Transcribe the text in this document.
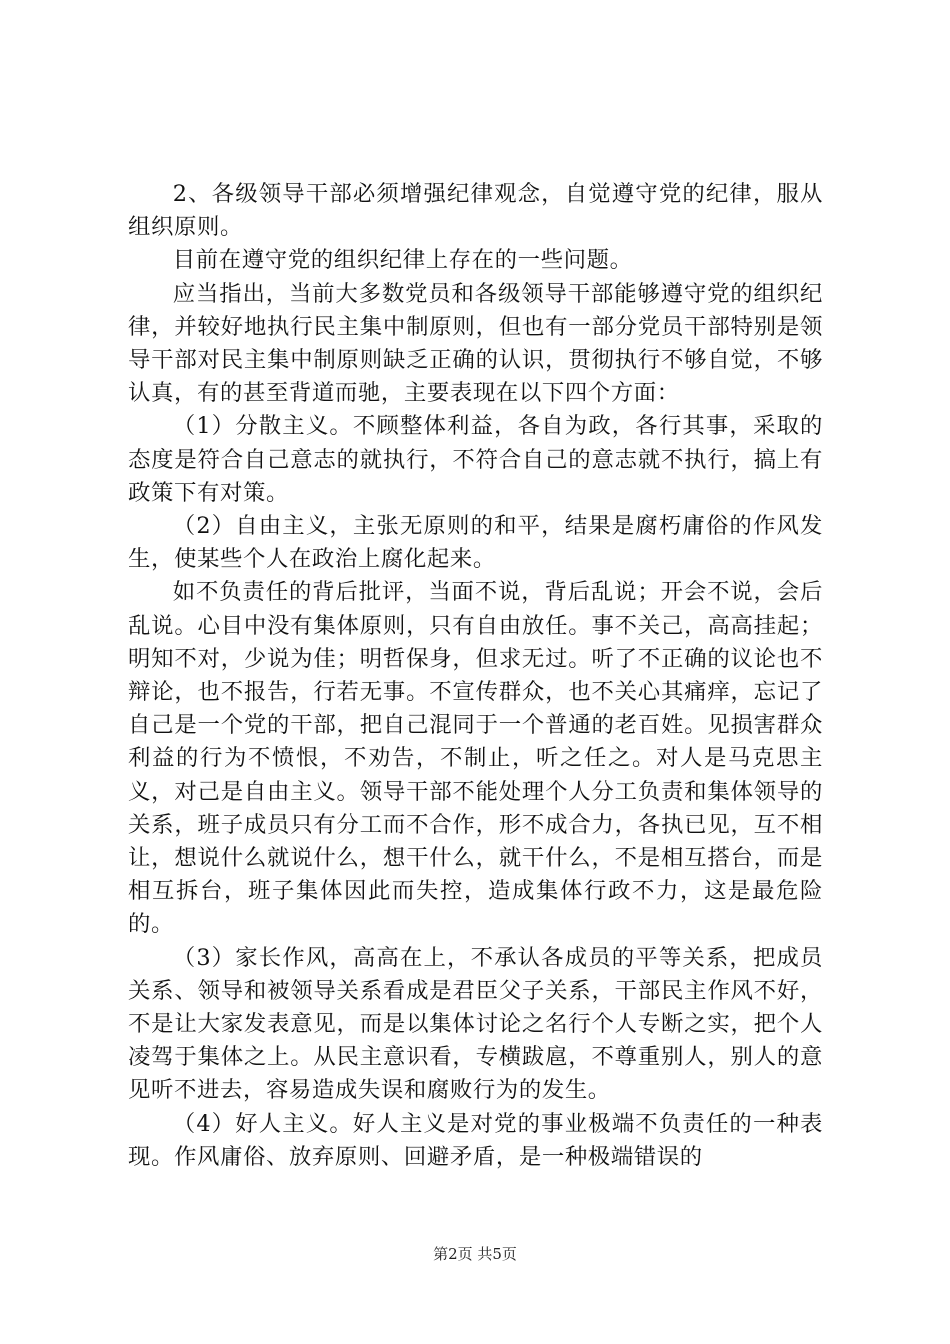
2、各级领导干部必须增强纪律观念，自觉遵守党的纪律，服从组织原则。

目前在遵守党的组织纪律上存在的一些问题。

应当指出，当前大多数党员和各级领导干部能够遵守党的组织纪律，并较好地执行民主集中制原则，但也有一部分党员干部特别是领导干部对民主集中制原则缺乏正确的认识，贯彻执行不够自觉，不够认真，有的甚至背道而驰，主要表现在以下四个方面：

（1）分散主义。不顾整体利益，各自为政，各行其事，采取的态度是符合自己意志的就执行，不符合自己的意志就不执行，搞上有政策下有对策。

（2）自由主义，主张无原则的和平，结果是腐朽庸俗的作风发生，使某些个人在政治上腐化起来。

如不负责任的背后批评，当面不说，背后乱说；开会不说，会后乱说。心目中没有集体原则，只有自由放任。事不关己，高高挂起；明知不对，少说为佳；明哲保身，但求无过。听了不正确的议论也不辩论，也不报告，行若无事。不宣传群众，也不关心其痛痒，忘记了自己是一个党的干部，把自己混同于一个普通的老百姓。见损害群众利益的行为不愤恨，不劝告，不制止，听之任之。对人是马克思主义，对己是自由主义。领导干部不能处理个人分工负责和集体领导的关系，班子成员只有分工而不合作，形不成合力，各执已见，互不相让，想说什么就说什么，想干什么，就干什么，不是相互搭台，而是相互拆台，班子集体因此而失控，造成集体行政不力，这是最危险的。

（3）家长作风，高高在上，不承认各成员的平等关系，把成员关系、领导和被领导关系看成是君臣父子关系，干部民主作风不好，不是让大家发表意见，而是以集体讨论之名行个人专断之实，把个人凌驾于集体之上。从民主意识看，专横跋扈，不尊重别人，别人的意见听不进去，容易造成失误和腐败行为的发生。

（4）好人主义。好人主义是对党的事业极端不负责任的一种表现。作风庸俗、放弃原则、回避矛盾，是一种极端错误的

第2页 共5页
